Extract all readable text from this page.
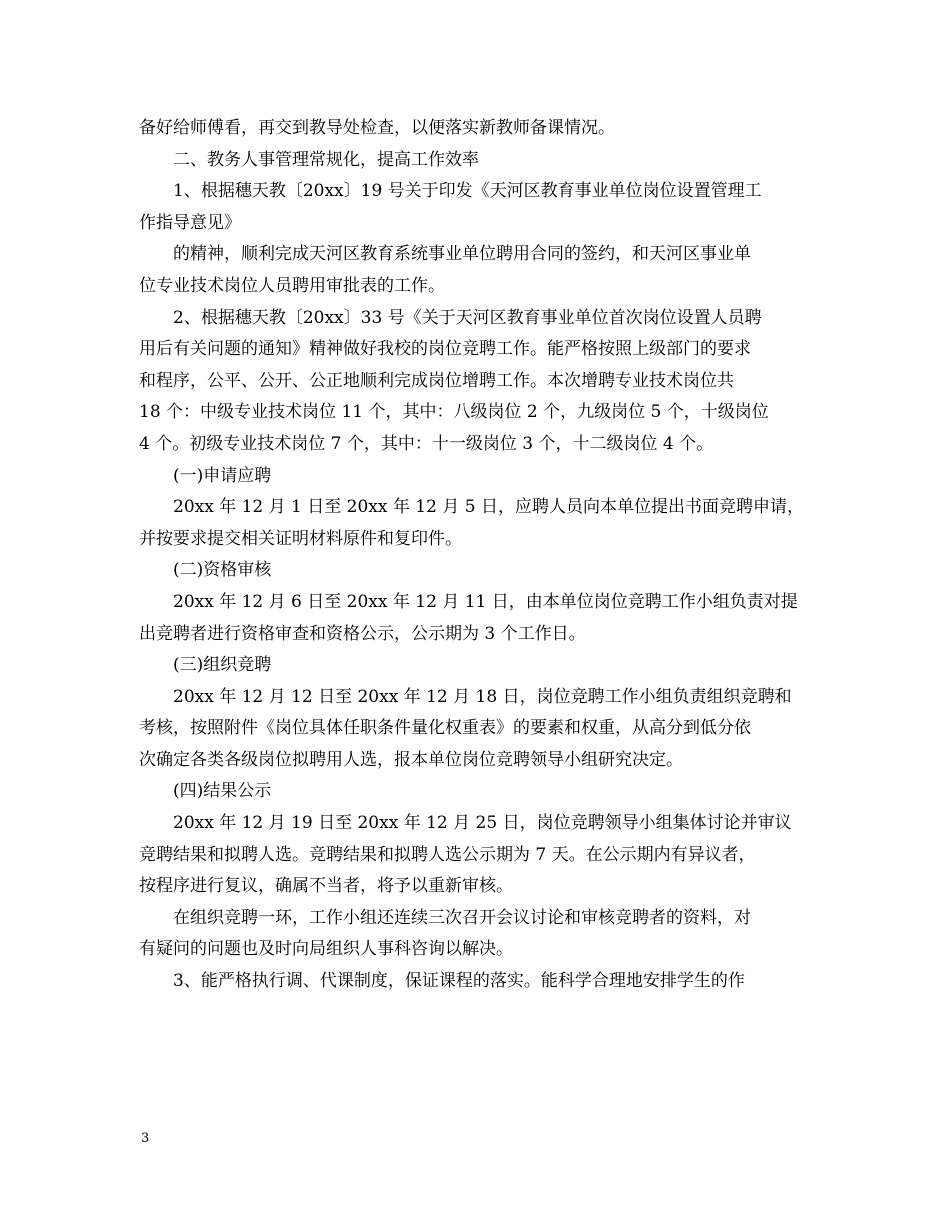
备好给师傅看，再交到教导处检查，以便落实新教师备课情况。
二、教务人事管理常规化，提高工作效率
1、根据穗天教〔20xx〕19 号关于印发《天河区教育事业单位岗位设置管理工
作指导意见》
的精神，顺利完成天河区教育系统事业单位聘用合同的签约，和天河区事业单
位专业技术岗位人员聘用审批表的工作。
2、根据穗天教〔20xx〕33 号《关于天河区教育事业单位首次岗位设置人员聘
用后有关问题的通知》精神做好我校的岗位竞聘工作。能严格按照上级部门的要求
和程序，公平、公开、公正地顺利完成岗位增聘工作。本次增聘专业技术岗位共
18 个：中级专业技术岗位 11 个，其中：八级岗位 2 个，九级岗位 5 个，十级岗位
4 个。初级专业技术岗位 7 个，其中：十一级岗位 3 个，十二级岗位 4 个。
(一)申请应聘
20xx 年 12 月 1 日至 20xx 年 12 月 5 日，应聘人员向本单位提出书面竞聘申请，
并按要求提交相关证明材料原件和复印件。
(二)资格审核
20xx 年 12 月 6 日至 20xx 年 12 月 11 日，由本单位岗位竞聘工作小组负责对提
出竞聘者进行资格审查和资格公示，公示期为 3 个工作日。
(三)组织竞聘
20xx 年 12 月 12 日至 20xx 年 12 月 18 日，岗位竞聘工作小组负责组织竞聘和
考核，按照附件《岗位具体任职条件量化权重表》的要素和权重，从高分到低分依
次确定各类各级岗位拟聘用人选，报本单位岗位竞聘领导小组研究决定。
(四)结果公示
20xx 年 12 月 19 日至 20xx 年 12 月 25 日，岗位竞聘领导小组集体讨论并审议
竞聘结果和拟聘人选。竞聘结果和拟聘人选公示期为 7 天。在公示期内有异议者，
按程序进行复议，确属不当者，将予以重新审核。
在组织竞聘一环，工作小组还连续三次召开会议讨论和审核竞聘者的资料，对
有疑问的问题也及时向局组织人事科咨询以解决。
3、能严格执行调、代课制度，保证课程的落实。能科学合理地安排学生的作
3
